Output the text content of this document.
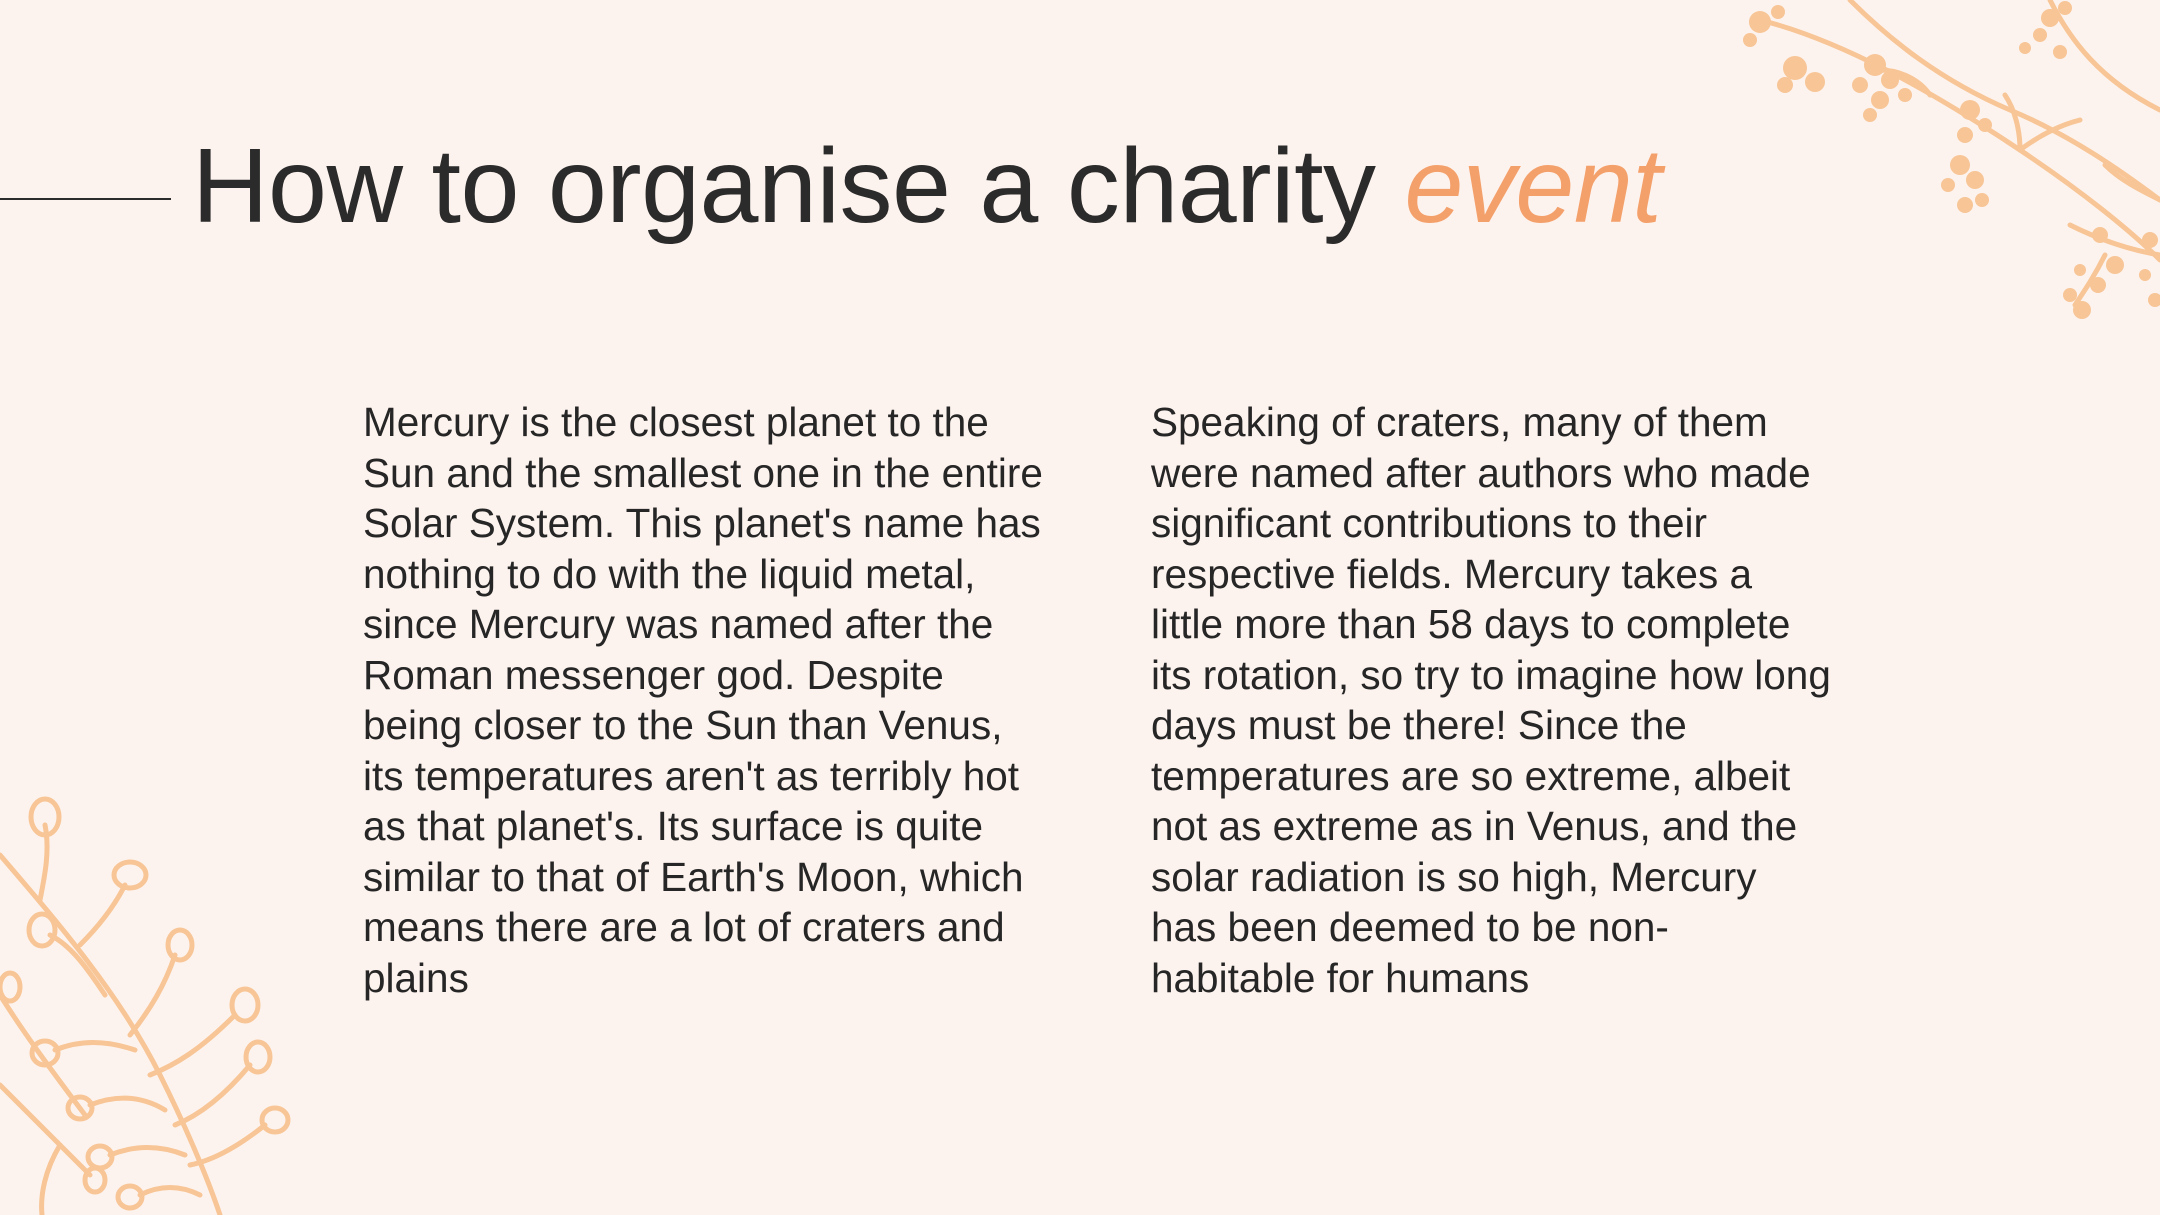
How to organise a charity event

Mercury is the closest planet to the Sun and the smallest one in the entire Solar System. This planet's name has nothing to do with the liquid metal, since Mercury was named after the Roman messenger god. Despite being closer to the Sun than Venus, its temperatures aren't as terribly hot as that planet's. Its surface is quite similar to that of Earth's Moon, which means there are a lot of craters and plains

Speaking of craters, many of them were named after authors who made significant contributions to their respective fields. Mercury takes a little more than 58 days to complete its rotation, so try to imagine how long days must be there! Since the temperatures are so extreme, albeit not as extreme as in Venus, and the solar radiation is so high, Mercury has been deemed to be non-habitable for humans
